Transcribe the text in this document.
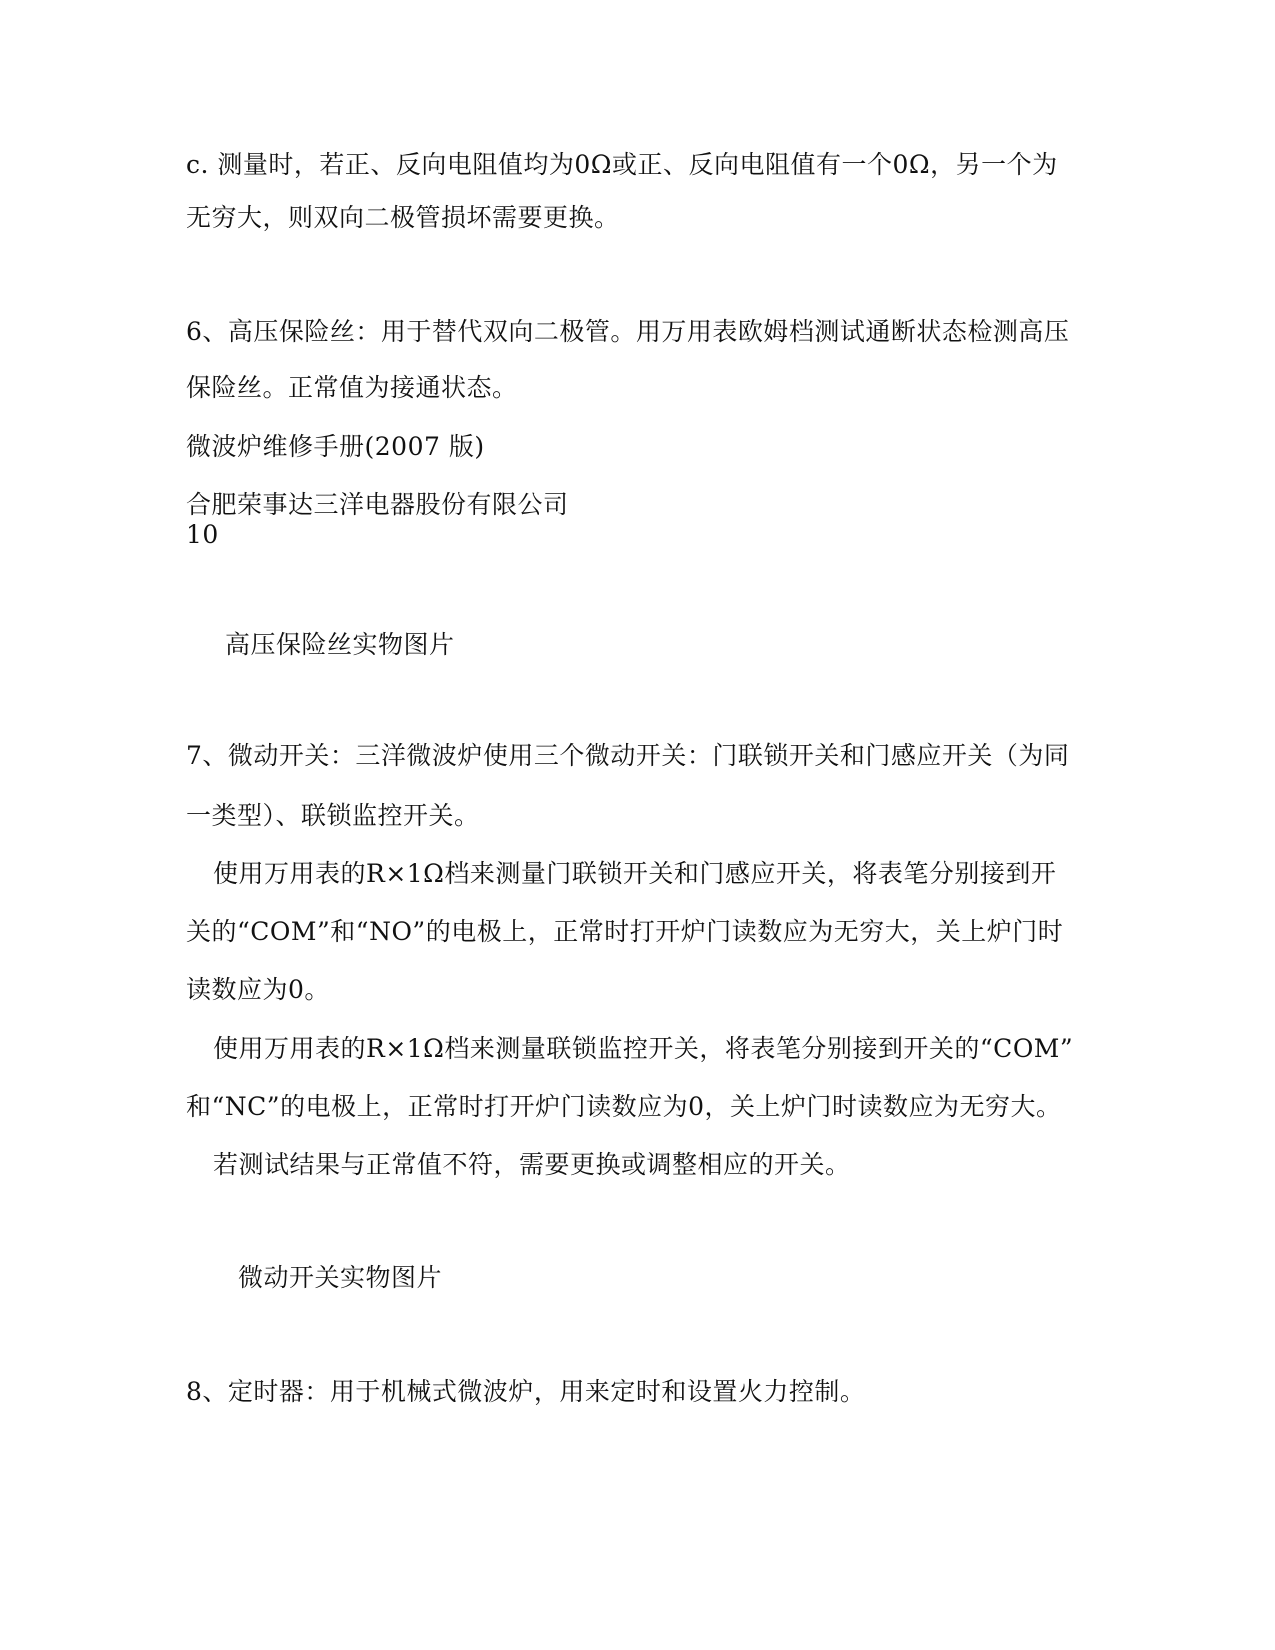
c. 测量时，若正、反向电阻值均为0Ω或正、反向电阻值有一个0Ω，另一个为
无穷大，则双向二极管损坏需要更换。
6、高压保险丝：用于替代双向二极管。用万用表欧姆档测试通断状态检测高压
保险丝。正常值为接通状态。
微波炉维修手册(2007 版)
合肥荣事达三洋电器股份有限公司
10
高压保险丝实物图片
7、微动开关：三洋微波炉使用三个微动开关：门联锁开关和门感应开关（为同
一类型）、联锁监控开关。
使用万用表的R×1Ω档来测量门联锁开关和门感应开关，将表笔分别接到开
关的“COM”和“NO”的电极上，正常时打开炉门读数应为无穷大，关上炉门时
读数应为0。
使用万用表的R×1Ω档来测量联锁监控开关，将表笔分别接到开关的“COM”
和“NC”的电极上，正常时打开炉门读数应为0，关上炉门时读数应为无穷大。
若测试结果与正常值不符，需要更换或调整相应的开关。
微动开关实物图片
8、定时器：用于机械式微波炉，用来定时和设置火力控制。
